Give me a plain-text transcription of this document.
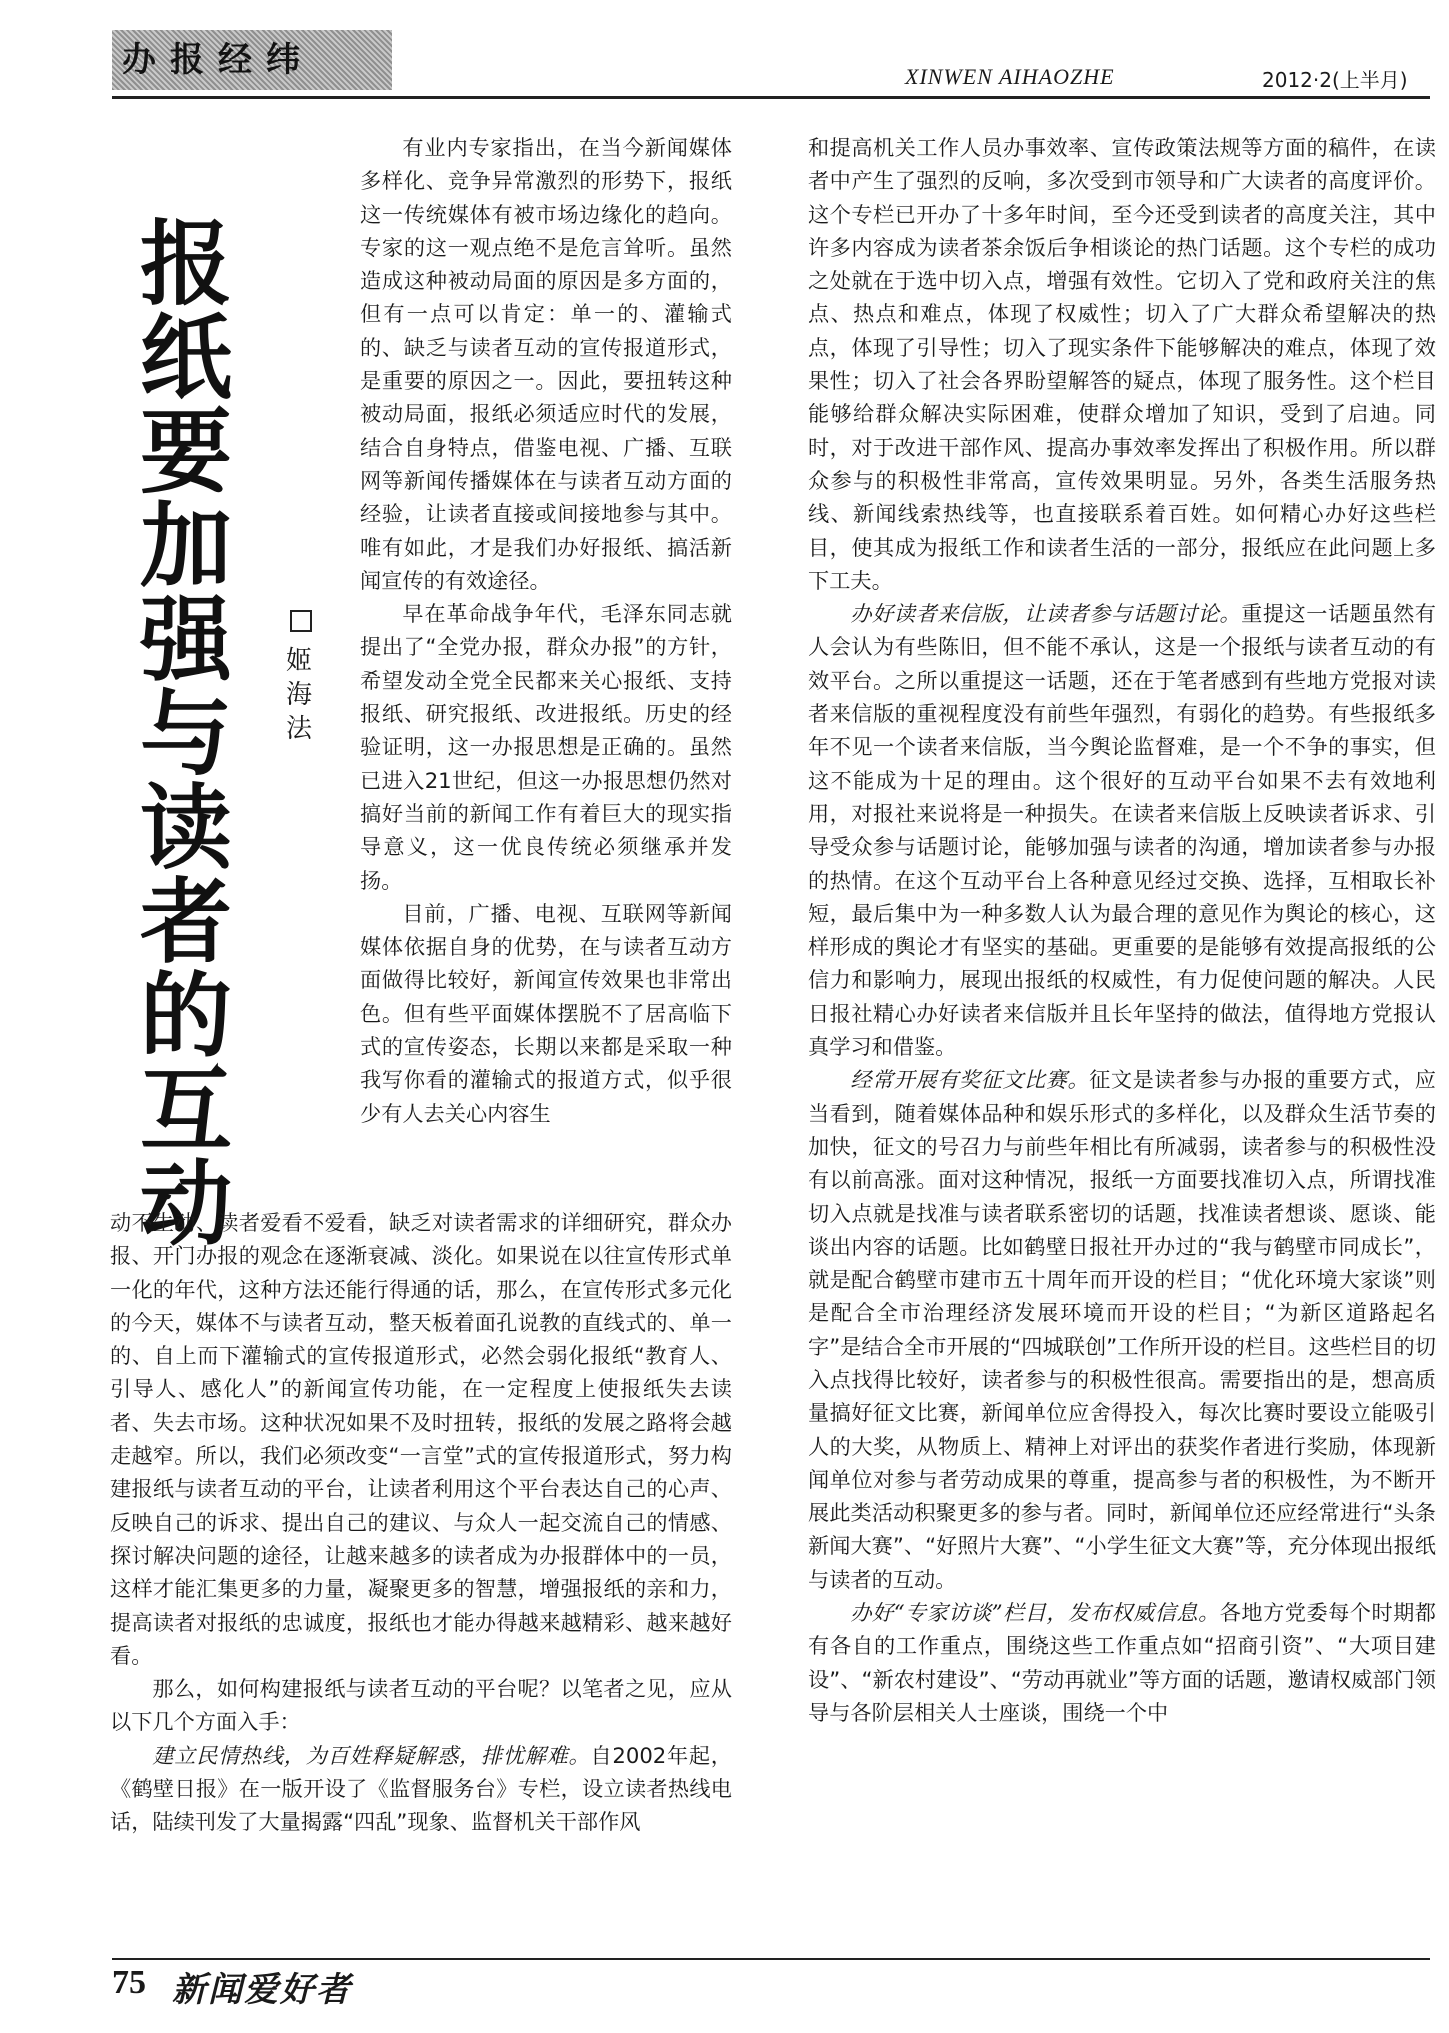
办报经纬	XINWEN AIHAOZHE	2012·2(上半月)
报纸要加强与读者的互动
姬海法

有业内专家指出，在当今新闻媒体多样化、竞争异常激烈的形势下，报纸这一传统媒体有被市场边缘化的趋向。专家的这一观点绝不是危言耸听。虽然造成这种被动局面的原因是多方面的，但有一点可以肯定：单一的、灌输式的、缺乏与读者互动的宣传报道形式，是重要的原因之一。因此，要扭转这种被动局面，报纸必须适应时代的发展，结合自身特点，借鉴电视、广播、互联网等新闻传播媒体在与读者互动方面的经验，让读者直接或间接地参与其中。唯有如此，才是我们办好报纸、搞活新闻宣传的有效途径。

早在革命战争年代，毛泽东同志就提出了“全党办报，群众办报”的方针，希望发动全党全民都来关心报纸、支持报纸、研究报纸、改进报纸。历史的经验证明，这一办报思想是正确的。虽然已进入21世纪，但这一办报思想仍然对搞好当前的新闻工作有着巨大的现实指导意义，这一优良传统必须继承并发扬。

目前，广播、电视、互联网等新闻媒体依据自身的优势，在与读者互动方面做得比较好，新闻宣传效果也非常出色。但有些平面媒体摆脱不了居高临下式的宣传姿态，长期以来都是采取一种我写你看的灌输式的报道方式，似乎很少有人去关心内容生

动不生动、读者爱看不爱看，缺乏对读者需求的详细研究，群众办报、开门办报的观念在逐渐衰减、淡化。如果说在以往宣传形式单一化的年代，这种方法还能行得通的话，那么，在宣传形式多元化的今天，媒体不与读者互动，整天板着面孔说教的直线式的、单一的、自上而下灌输式的宣传报道形式，必然会弱化报纸“教育人、引导人、感化人”的新闻宣传功能，在一定程度上使报纸失去读者、失去市场。这种状况如果不及时扭转，报纸的发展之路将会越走越窄。所以，我们必须改变“一言堂”式的宣传报道形式，努力构建报纸与读者互动的平台，让读者利用这个平台表达自己的心声、反映自己的诉求、提出自己的建议、与众人一起交流自己的情感、探讨解决问题的途径，让越来越多的读者成为办报群体中的一员，这样才能汇集更多的力量，凝聚更多的智慧，增强报纸的亲和力，提高读者对报纸的忠诚度，报纸也才能办得越来越精彩、越来越好看。

那么，如何构建报纸与读者互动的平台呢？以笔者之见，应从以下几个方面入手：

建立民情热线，为百姓释疑解惑，排忧解难。自2002年起，《鹤壁日报》在一版开设了《监督服务台》专栏，设立读者热线电话，陆续刊发了大量揭露“四乱”现象、监督机关干部作风

和提高机关工作人员办事效率、宣传政策法规等方面的稿件，在读者中产生了强烈的反响，多次受到市领导和广大读者的高度评价。这个专栏已开办了十多年时间，至今还受到读者的高度关注，其中许多内容成为读者茶余饭后争相谈论的热门话题。这个专栏的成功之处就在于选中切入点，增强有效性。它切入了党和政府关注的焦点、热点和难点，体现了权威性；切入了广大群众希望解决的热点，体现了引导性；切入了现实条件下能够解决的难点，体现了效果性；切入了社会各界盼望解答的疑点，体现了服务性。这个栏目能够给群众解决实际困难，使群众增加了知识，受到了启迪。同时，对于改进干部作风、提高办事效率发挥出了积极作用。所以群众参与的积极性非常高，宣传效果明显。另外，各类生活服务热线、新闻线索热线等，也直接联系着百姓。如何精心办好这些栏目，使其成为报纸工作和读者生活的一部分，报纸应在此问题上多下工夫。

办好读者来信版，让读者参与话题讨论。重提这一话题虽然有人会认为有些陈旧，但不能不承认，这是一个报纸与读者互动的有效平台。之所以重提这一话题，还在于笔者感到有些地方党报对读者来信版的重视程度没有前些年强烈，有弱化的趋势。有些报纸多年不见一个读者来信版，当今舆论监督难，是一个不争的事实，但这不能成为十足的理由。这个很好的互动平台如果不去有效地利用，对报社来说将是一种损失。在读者来信版上反映读者诉求、引导受众参与话题讨论，能够加强与读者的沟通，增加读者参与办报的热情。在这个互动平台上各种意见经过交换、选择，互相取长补短，最后集中为一种多数人认为最合理的意见作为舆论的核心，这样形成的舆论才有坚实的基础。更重要的是能够有效提高报纸的公信力和影响力，展现出报纸的权威性，有力促使问题的解决。人民日报社精心办好读者来信版并且长年坚持的做法，值得地方党报认真学习和借鉴。

经常开展有奖征文比赛。征文是读者参与办报的重要方式，应当看到，随着媒体品种和娱乐形式的多样化，以及群众生活节奏的加快，征文的号召力与前些年相比有所减弱，读者参与的积极性没有以前高涨。面对这种情况，报纸一方面要找准切入点，所谓找准切入点就是找准与读者联系密切的话题，找准读者想谈、愿谈、能谈出内容的话题。比如鹤壁日报社开办过的“我与鹤壁市同成长”，就是配合鹤壁市建市五十周年而开设的栏目；“优化环境大家谈”则是配合全市治理经济发展环境而开设的栏目；“为新区道路起名字”是结合全市开展的“四城联创”工作所开设的栏目。这些栏目的切入点找得比较好，读者参与的积极性很高。需要指出的是，想高质量搞好征文比赛，新闻单位应舍得投入，每次比赛时要设立能吸引人的大奖，从物质上、精神上对评出的获奖作者进行奖励，体现新闻单位对参与者劳动成果的尊重，提高参与者的积极性，为不断开展此类活动积聚更多的参与者。同时，新闻单位还应经常进行“头条新闻大赛”、“好照片大赛”、“小学生征文大赛”等，充分体现出报纸与读者的互动。

办好“专家访谈”栏目，发布权威信息。各地方党委每个时期都有各自的工作重点，围绕这些工作重点如“招商引资”、“大项目建设”、“新农村建设”、“劳动再就业”等方面的话题，邀请权威部门领导与各阶层相关人士座谈，围绕一个中

75 新闻爱好者
